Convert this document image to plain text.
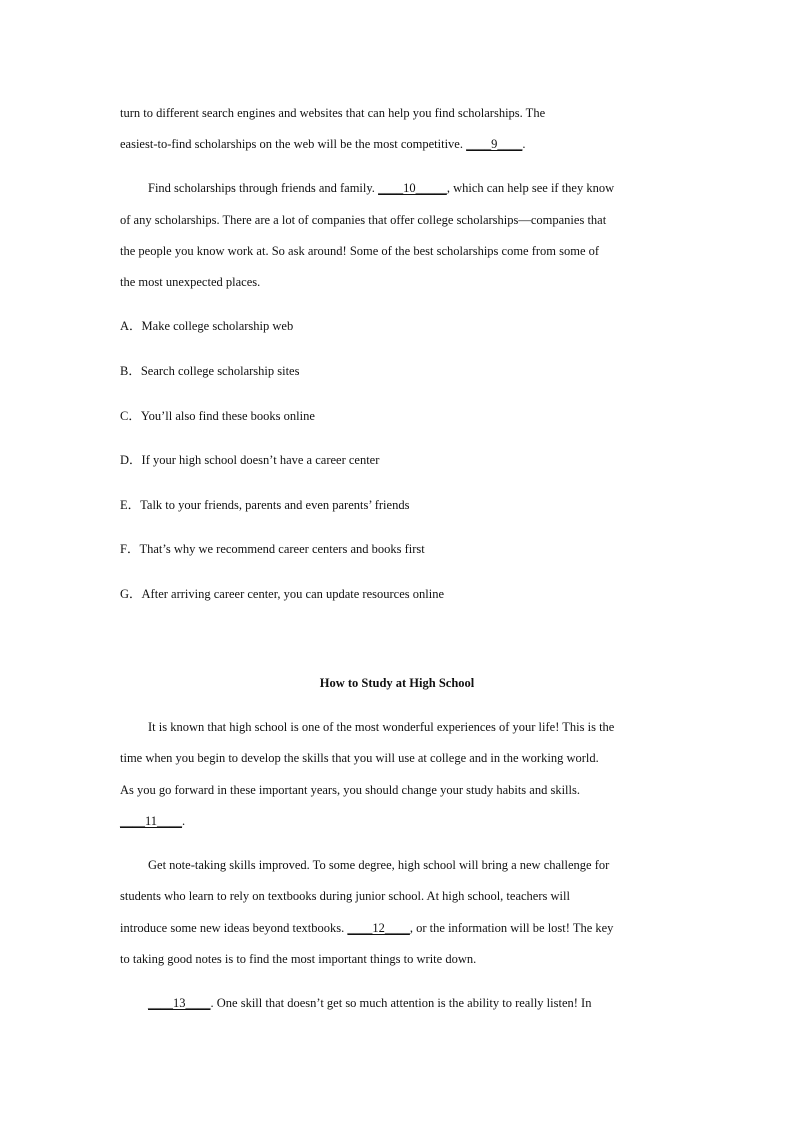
turn to different search engines and websites that can help you find scholarships. The
easiest-to-find scholarships on the web will be the most competitive. ____9____.
Find scholarships through friends and family. ____10_____, which can help see if they know
of any scholarships. There are a lot of companies that offer college scholarships—companies that
the people you know work at. So ask around! Some of the best scholarships come from some of
the most unexpected places.
A．Make college scholarship web
B．Search college scholarship sites
C．You’ll also find these books online
D．If your high school doesn’t have a career center
E．Talk to your friends, parents and even parents’ friends
F．That’s why we recommend career centers and books first
G．After arriving career center, you can update resources online
How to Study at High School
It is known that high school is one of the most wonderful experiences of your life! This is the
time when you begin to develop the skills that you will use at college and in the working world.
As you go forward in these important years, you should change your study habits and skills.
____11____.
Get note-taking skills improved. To some degree, high school will bring a new challenge for
students who learn to rely on textbooks during junior school. At high school, teachers will
introduce some new ideas beyond textbooks. ____12____, or the information will be lost! The key
to taking good notes is to find the most important things to write down.
____13____. One skill that doesn’t get so much attention is the ability to really listen! In
